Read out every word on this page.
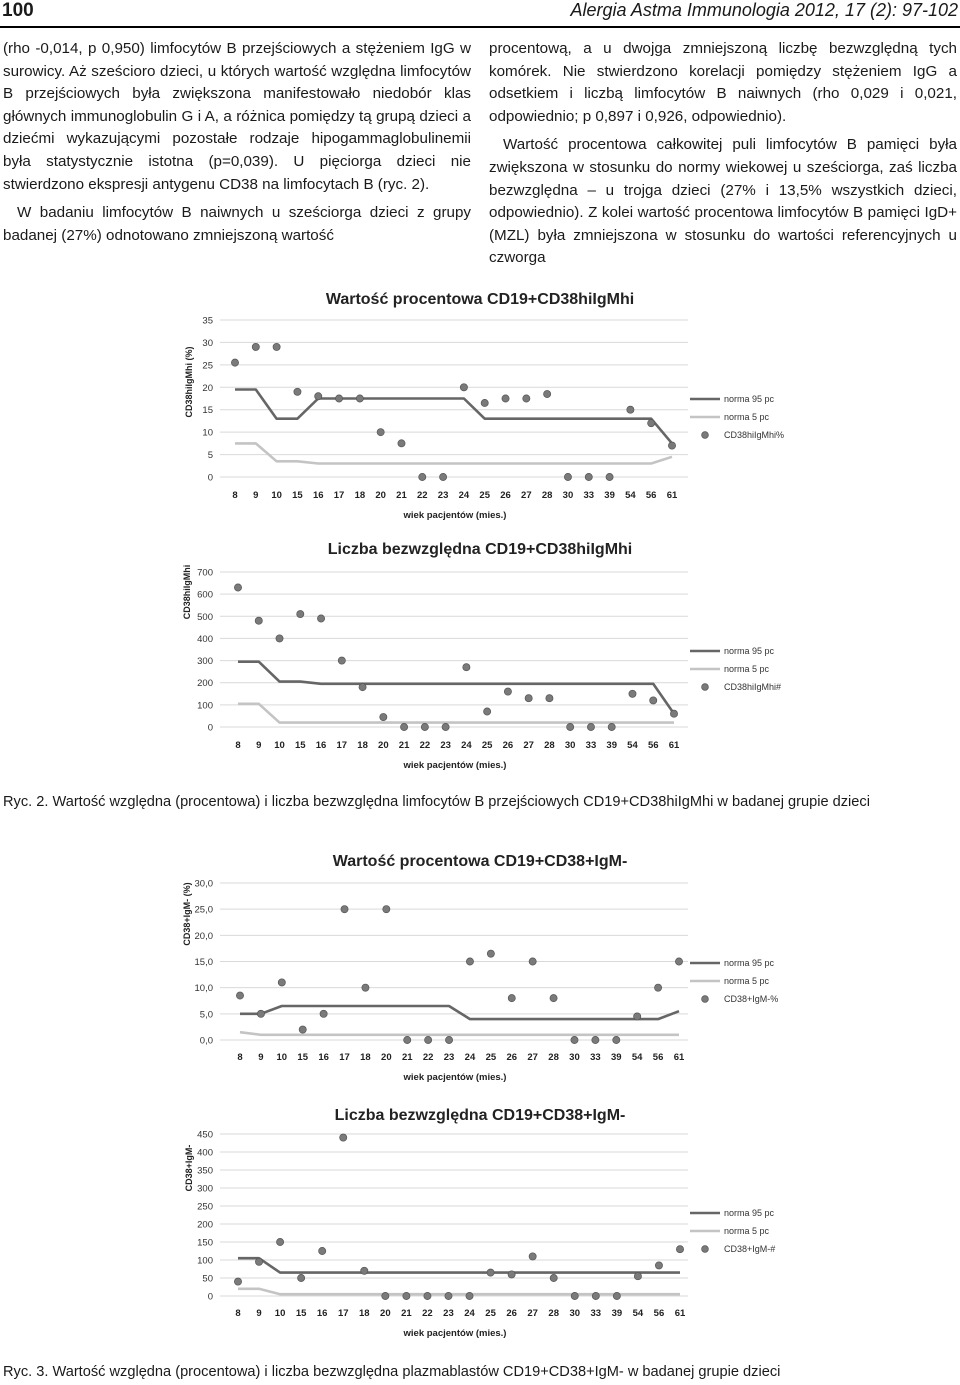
100	Alergia Astma Immunologia 2012, 17 (2): 97-102

(rho -0,014, p 0,950) limfocytów B przejściowych a stężeniem IgG w surowicy. Aż sześcioro dzieci, u których wartość względna limfocytów B przejściowych była zwiększona manifestowało niedobór klas głównych immunoglobulin G i A, a różnica pomiędzy tą grupą dzieci a dziećmi wykazującymi pozostałe rodzaje hipogammaglobulinemii była statystycznie istotna (p=0,039). U pięciorga dzieci nie stwierdzono ekspresji antygenu CD38 na limfocytach B (ryc. 2).

W badaniu limfocytów B naiwnych u sześciorga dzieci z grupy badanej (27%) odnotowano zmniejszoną wartość

procentową, a u dwojga zmniejszoną liczbę bezwzględną tych komórek. Nie stwierdzono korelacji pomiędzy stężeniem IgG a odsetkiem i liczbą limfocytów B naiwnych (rho 0,029 i 0,021, odpowiednio; p 0,897 i 0,926, odpowiednio).

Wartość procentowa całkowitej puli limfocytów B pamięci była zwiększona w stosunku do normy wiekowej u sześciorga, zaś liczba bezwzględna – u trojga dzieci (27% i 13,5% wszystkich dzieci, odpowiednio). Z kolei wartość procentowa limfocytów B pamięci IgD+ (MZL) była zmniejszona w stosunku do wartości referencyjnych u czworga

Wartość procentowa CD19+CD38hiIgMhi
0
5
10
15
20
25
30
35
CD38hiIgMhi (%)
8 9 10 15 16 17 18 20 21 22 23 24 25 26 27 28 30 33 39 54 56 61
wiek pacjentów (mies.)
norma 95 pc
norma 5 pc
CD38hiIgMhi%
Liczba bezwzględna CD19+CD38hiIgMhi
0
100
200
300
400
500
600
700
CD38hiIgMhi
8 9 10 15 16 17 18 20 21 22 23 24 25 26 27 28 30 33 39 54 56 61
wiek pacjentów (mies.)
norma 95 pc
norma 5 pc
CD38hiIgMhi#
Ryc. 2. Wartość względna (procentowa) i liczba bezwzględna limfocytów B przejściowych CD19+CD38hiIgMhi w badanej grupie dzieci
Wartość procentowa CD19+CD38+IgM-
0,0
5,0
10,0
15,0
20,0
25,0
30,0
CD38+IgM- (%)
8 9 10 15 16 17 18 20 21 22 23 24 25 26 27 28 30 33 39 54 56 61
wiek pacjentów (mies.)
norma 95 pc
norma 5 pc
CD38+IgM-%
Liczba bezwzględna CD19+CD38+IgM-
0
50
100
150
200
250
300
350
400
450
CD38+IgM-
8 9 10 15 16 17 18 20 21 22 23 24 25 26 27 28 30 33 39 54 56 61
wiek pacjentów (mies.)
norma 95 pc
norma 5 pc
CD38+IgM-#
Ryc. 3. Wartość względna (procentowa) i liczba bezwzględna plazmablastów CD19+CD38+IgM- w badanej grupie dzieci
